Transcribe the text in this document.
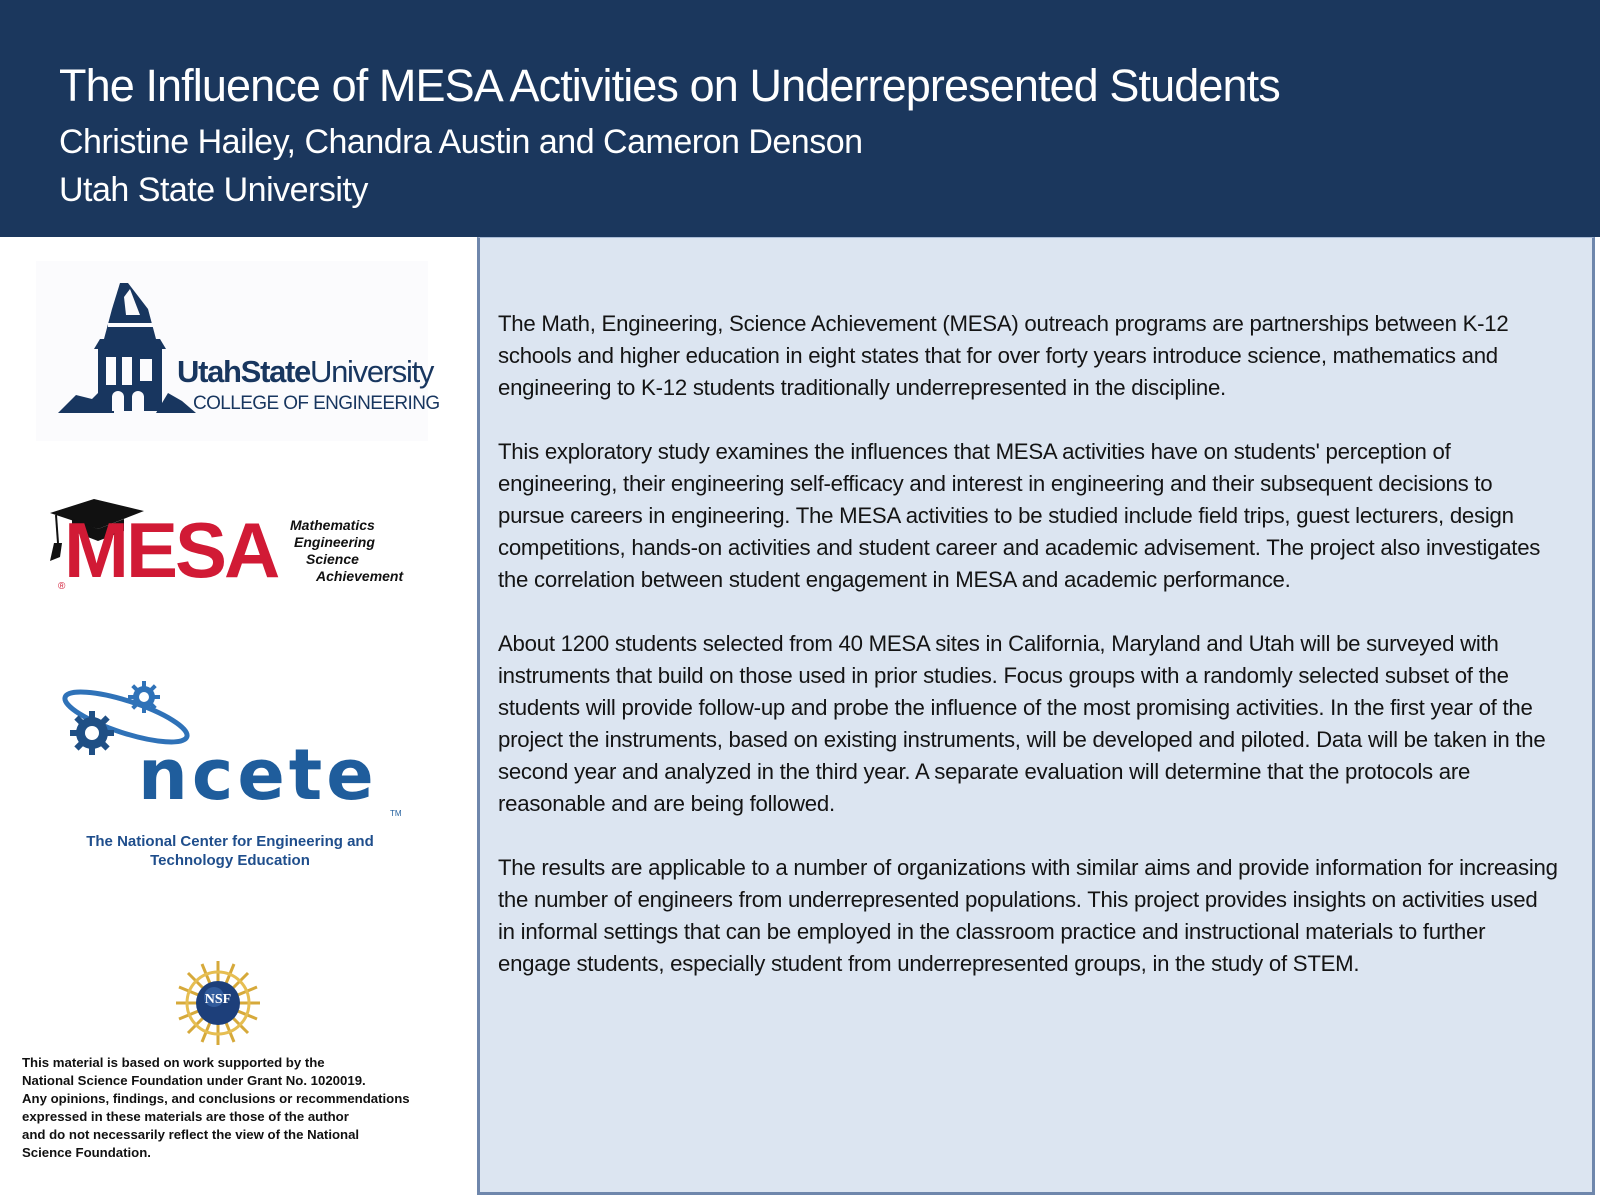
The Influence of MESA Activities on Underrepresented Students
Christine Hailey, Chandra Austin and Cameron Denson
Utah State University
UtahStateUniversity
COLLEGE OF ENGINEERING
MESA
®
Mathematics
Engineering
Science
Achievement
ncete TM
The National Center for Engineering and
Technology Education
NSF
This material is based on work supported by the
National Science Foundation under Grant No. 1020019.
Any opinions, findings, and conclusions or recommendations
expressed in these materials are those of the author
and do not necessarily reflect the view of the National
Science Foundation.

The Math, Engineering, Science Achievement (MESA) outreach programs are partnerships between K-12 schools and higher education in eight states that for over forty years introduce science, mathematics and engineering to K-12 students traditionally underrepresented in the discipline.

This exploratory study examines the influences that MESA activities have on students' perception of engineering, their engineering self-efficacy and interest in engineering and their subsequent decisions to pursue careers in engineering. The MESA activities to be studied include field trips, guest lecturers, design competitions, hands-on activities and student career and academic advisement. The project also investigates the correlation between student engagement in MESA and academic performance.

About 1200 students selected from 40 MESA sites in California, Maryland and Utah will be surveyed with instruments that build on those used in prior studies. Focus groups with a randomly selected subset of the students will provide follow-up and probe the influence of the most promising activities. In the first year of the project the instruments, based on existing instruments, will be developed and piloted. Data will be taken in the second year and analyzed in the third year. A separate evaluation will determine that the protocols are reasonable and are being followed.

The results are applicable to a number of organizations with similar aims and provide information for increasing the number of engineers from underrepresented populations. This project provides insights on activities used in informal settings that can be employed in the classroom practice and instructional materials to further engage students, especially student from underrepresented groups, in the study of STEM.
